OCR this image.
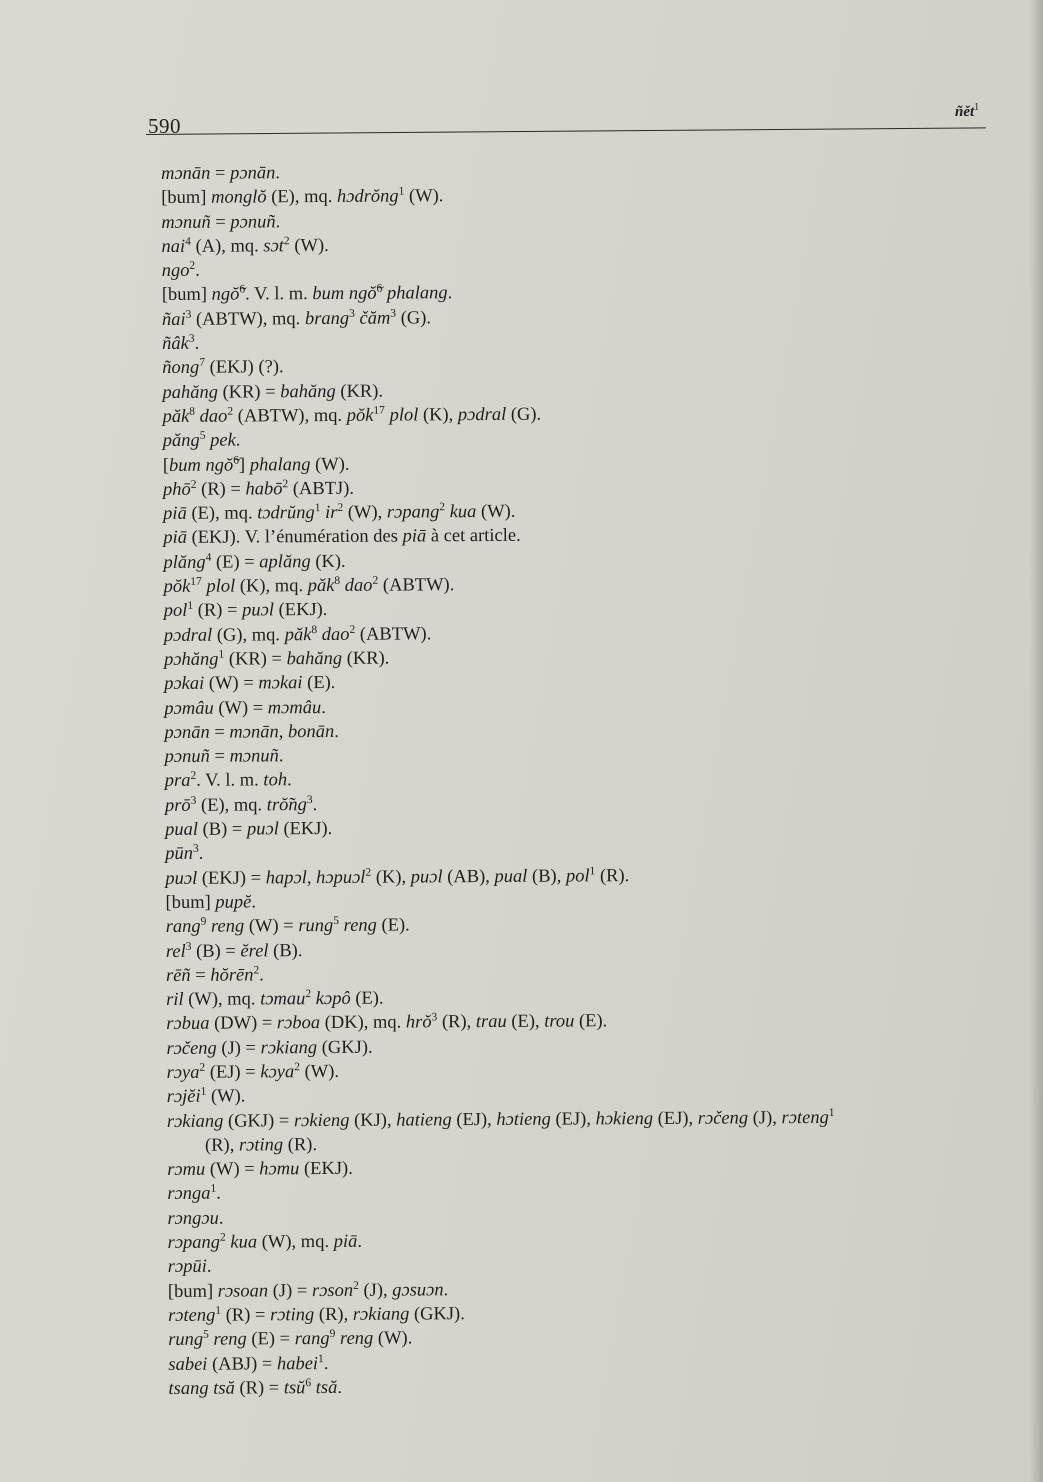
590
ñět$^1$
mɔnān = pɔnān.
[bum] monglŏ (E), mq. hɔdrŏng$^1$ (W).
mɔnuñ = pɔnuñ.
nai$^4$ (A), mq. sɔt$^2$ (W).
ngo$^2$.
[bum] ngŏ̃$^6$. V. l. m. bum ngŏ̃$^6$ phalang.
ñai$^3$ (ABTW), mq. brang$^3$ čăm$^3$ (G).
ñâk$^3$.
ñong$^7$ (EKJ) (?).
pahăng (KR) = bahăng (KR).
păk$^8$ dao$^2$ (ABTW), mq. pŏk$^{17}$ plol (K), pɔdral (G).
păng$^5$ pek.
[bum ngŏ̃$^6$] phalang (W).
phō$^2$ (R) = habō$^2$ (ABTJ).
piā (E), mq. tɔdrŭng$^1$ $ir^2$ (W), rɔpang$^2$ kua (W).
piā (EKJ). V. l’énumération des piā à cet article.
plăng$^4$ (E) = aplăng (K).
pŏk$^{17}$ plol (K), mq. păk$^8$ dao$^2$ (ABTW).
pol$^1$ (R) = puɔl (EKJ).
pɔdral (G), mq. păk$^8$ dao$^2$ (ABTW).
pɔhăng$^1$ (KR) = bahăng (KR).
pɔkai (W) = mɔkai (E).
pɔmâu (W) = mɔmâu.
pɔnān = mɔnān, bonān.
pɔnuñ = mɔnuñ.
pra$^2$. V. l. m. toh.
prō$^3$ (E), mq. $trŏ̃ng^3$.
pual (B) = puɔl (EKJ).
pūn$^3$.
puɔl (EKJ) = hapɔl, hɔpuɔl$^2$ (K), puɔl (AB), pual (B), pol$^1$ (R).
[bum] pupĕ.
rang$^9$ reng (W) = rung$^5$ reng (E).
rel$^3$ (B) = ĕrel (B).
rēñ = hŏrēn$^2$.
ril (W), mq. tɔmau$^2$ kɔpô (E).
rɔbua (DW) = rɔboa (DK), mq. hrŏ$^3$ (R), trau (E), trou (E).
rɔčeng (J) = rɔkiang (GKJ).
rɔya$^2$ (EJ) = kɔya$^2$ (W).
rɔjĕi$^1$ (W).
rɔkiang (GKJ) = rɔkieng (KJ), hatieng (EJ), hɔtieng (EJ), hɔkieng (EJ), rɔčeng (J), rɔteng$^1$
(R), rɔting (R).
rɔmu (W) = hɔmu (EKJ).
rɔnga$^1$.
rɔngɔu.
rɔpang$^2$ kua (W), mq. piā.
rɔpūi.
[bum] rɔsoan (J) = rɔson$^2$ (J), gɔsuɔn.
rɔteng$^1$ (R) = rɔting (R), rɔkiang (GKJ).
rung$^5$ reng (E) = rang$^9$ reng (W).
sabei (ABJ) = habei$^1$.
tsang tsă (R) = tsŭ$^6$ tsă.
